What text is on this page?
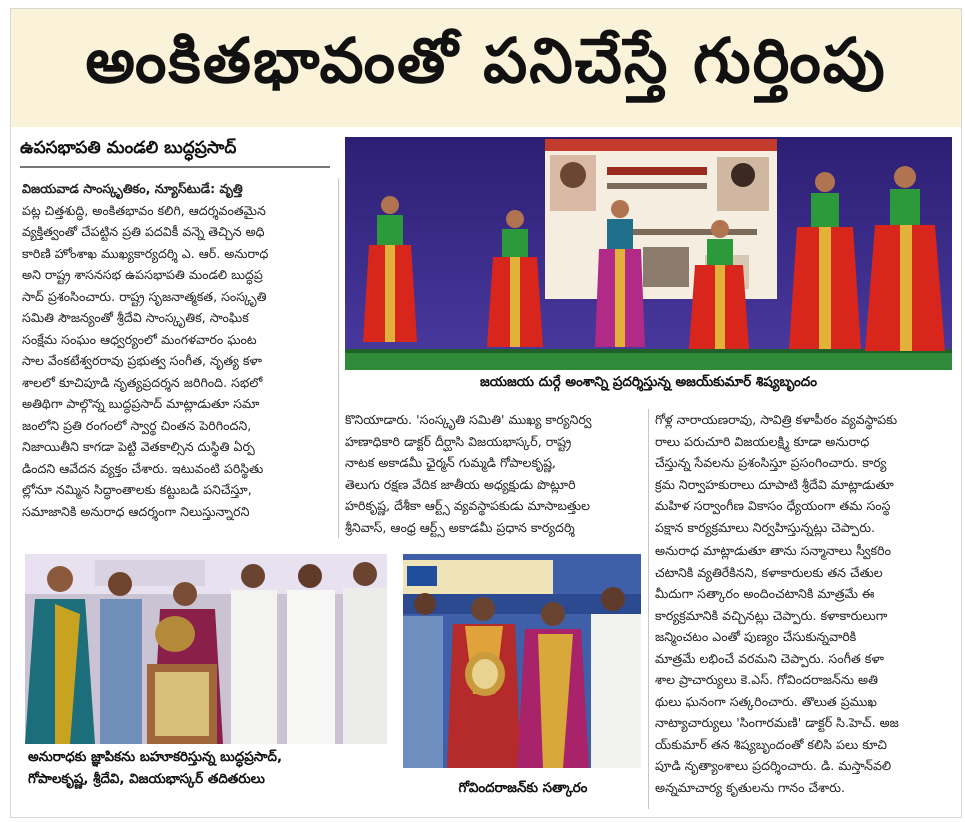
అంకితభావంతో పనిచేస్తే గుర్తింపు
ఉపసభాపతి మండలి బుద్ధప్రసాద్
జయజయ దుర్గే అంశాన్ని ప్రదర్శిస్తున్న అజయ్‌కుమార్ శిష్యబృందం
విజయవాడ సాంస్కృతికం, న్యూస్‌టుడే: వృత్తి
పట్ల చిత్తశుద్ధి, అంకితభావం కలిగి, ఆదర్శవంతమైన
వ్యక్తిత్వంతో చేపట్టిన ప్రతి పదవికీ వన్నె తెచ్చిన అధి
కారిణి హోంశాఖ ముఖ్యకార్యదర్శి ఎ. ఆర్. అనురాధ
అని రాష్ట్ర శాసనసభ ఉపసభాపతి మండలి బుద్ధప్ర
సాద్ ప్రశంసించారు. రాష్ట్ర సృజనాత్మకత, సంస్కృతి
సమితి సౌజన్యంతో శ్రీదేవి సాంస్కృతిక, సాంఘిక
సంక్షేమ సంఘం ఆధ్వర్యంలో మంగళవారం ఘంట
సాల వేంకటేశ్వరరావు ప్రభుత్వ సంగీత, నృత్య కళా
శాలలో కూచిపూడి నృత్యప్రదర్శన జరిగింది. సభలో
అతిథిగా పాల్గొన్న బుద్ధప్రసాద్ మాట్లాడుతూ సమా
జంలోని ప్రతి రంగంలో స్వార్థ చింతన పెరిగిందని,
నిజాయితీని కాగడా పెట్టి వెతకాల్సిన దుస్థితి ఏర్ప
డిందని ఆవేదన వ్యక్తం చేశారు. ఇటువంటి పరిస్థితు
ల్లోనూ నమ్మిన సిద్ధాంతాలకు కట్టుబడి పనిచేస్తూ,
సమాజానికి అనురాధ ఆదర్శంగా నిలుస్తున్నారని
కొనియాడారు. 'సంస్కృతి సమితి' ముఖ్య కార్యనిర్వ
హణాధికారి డాక్టర్ దీర్ఘాసి విజయభాస్కర్, రాష్ట్ర
నాటక అకాడమీ ఛైర్మన్ గుమ్మడి గోపాలకృష్ణ,
తెలుగు రక్షణ వేదిక జాతీయ అధ్యక్షుడు పొట్లూరి
హరికృష్ణ, దేశీకా ఆర్ట్స్ వ్యవస్థాపకుడు మాసాబత్తుల
శ్రీనివాస్, ఆంధ్ర ఆర్ట్స్ అకాడమీ ప్రధాన కార్యదర్శి
గోళ్ల నారాయణరావు, సావిత్రి కళాపీఠం వ్యవస్థాపకు
రాలు పరుచూరి విజయలక్ష్మి కూడా అనురాధ
చేస్తున్న సేవలను ప్రశంసిస్తూ ప్రసంగించారు. కార్య
క్రమ నిర్వాహకురాలు దూపాటి శ్రీదేవి మాట్లాడుతూ
మహిళ సర్వాంగీణ వికాసం ధ్యేయంగా తమ సంస్థ
పక్షాన కార్యక్రమాలు నిర్వహిస్తున్నట్లు చెప్పారు.
అనురాధ మాట్లాడుతూ తాను సన్మానాలు స్వీకరిం
చటానికి వ్యతిరేకినని, కళాకారులకు తన చేతుల
మీదుగా సత్కారం అందించటానికి మాత్రమే ఈ
కార్యక్రమానికి వచ్చినట్లు చెప్పారు. కళాకారులుగా
జన్మించటం ఎంతో పుణ్యం చేసుకున్నవారికి
మాత్రమే లభించే వరమని చెప్పారు. సంగీత కళా
శాల ప్రాచార్యులు కె.ఎస్. గోవిందరాజన్‌ను అతి
థులు ఘనంగా సత్కరించారు. తొలుత ప్రముఖ
నాట్యాచార్యులు 'సింగారమణి' డాక్టర్ సి.హెచ్. అజ
య్‌కుమార్ తన శిష్యబృందంతో కలిసి పలు కూచి
పూడి నృత్యాంశాలు ప్రదర్శించారు. డి. మస్తాన్‌వలి
అన్నమాచార్య కృతులను గానం చేశారు.
అనురాధకు జ్ఞాపికను బహూకరిస్తున్న బుద్ధప్రసాద్,
గోపాలకృష్ణ, శ్రీదేవి, విజయభాస్కర్ తదితరులు
గోవిందరాజన్‌కు సత్కారం
